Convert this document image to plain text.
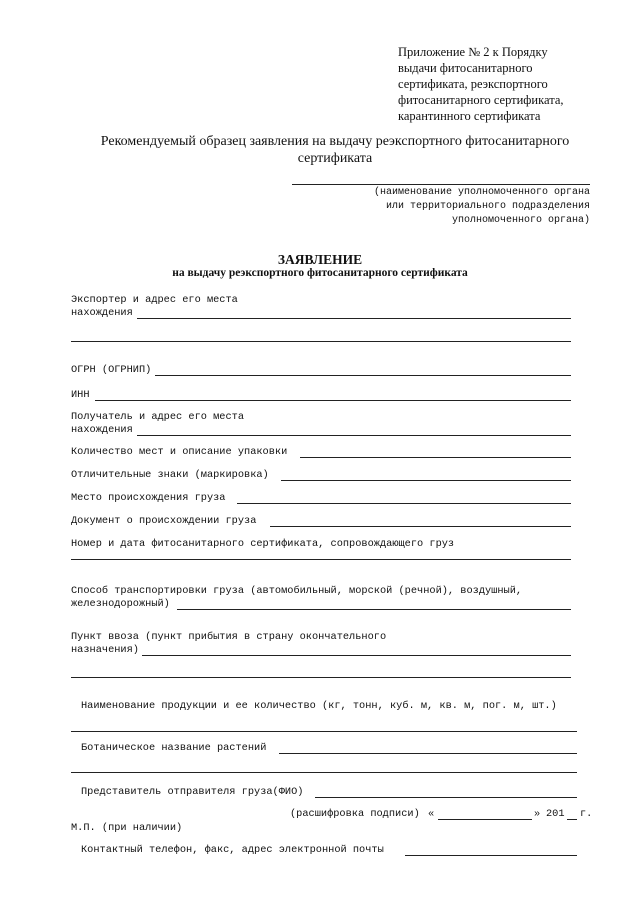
Приложение № 2 к Порядку
выдачи фитосанитарного
сертификата, реэкспортного
фитосанитарного сертификата,
карантинного сертификата
Рекомендуемый образец заявления на выдачу реэкспортного фитосанитарного
сертификата
(наименование уполномоченного органа
или территориального подразделения
уполномоченного органа)
ЗАЯВЛЕНИЕ
на выдачу реэкспортного фитосанитарного сертификата
Экспортер и адрес его места
нахождения
ОГРН (ОГРНИП)
ИНН
Получатель и адрес его места
нахождения
Количество мест и описание упаковки
Отличительные знаки (маркировка)
Место происхождения груза
Документ о происхождении груза
Номер и дата фитосанитарного сертификата, сопровождающего груз
Способ транспортировки груза (автомобильный, морской (речной), воздушный,
железнодорожный)
Пункт ввоза (пункт прибытия в страну окончательного
назначения)
Наименование продукции и ее количество (кг, тонн, куб. м, кв. м, пог. м, шт.)
Ботаническое название растений
Представитель отправителя груза(ФИО)
(расшифровка подписи) «	» 201 г.
М.П. (при наличии)
Контактный телефон, факс, адрес электронной почты
